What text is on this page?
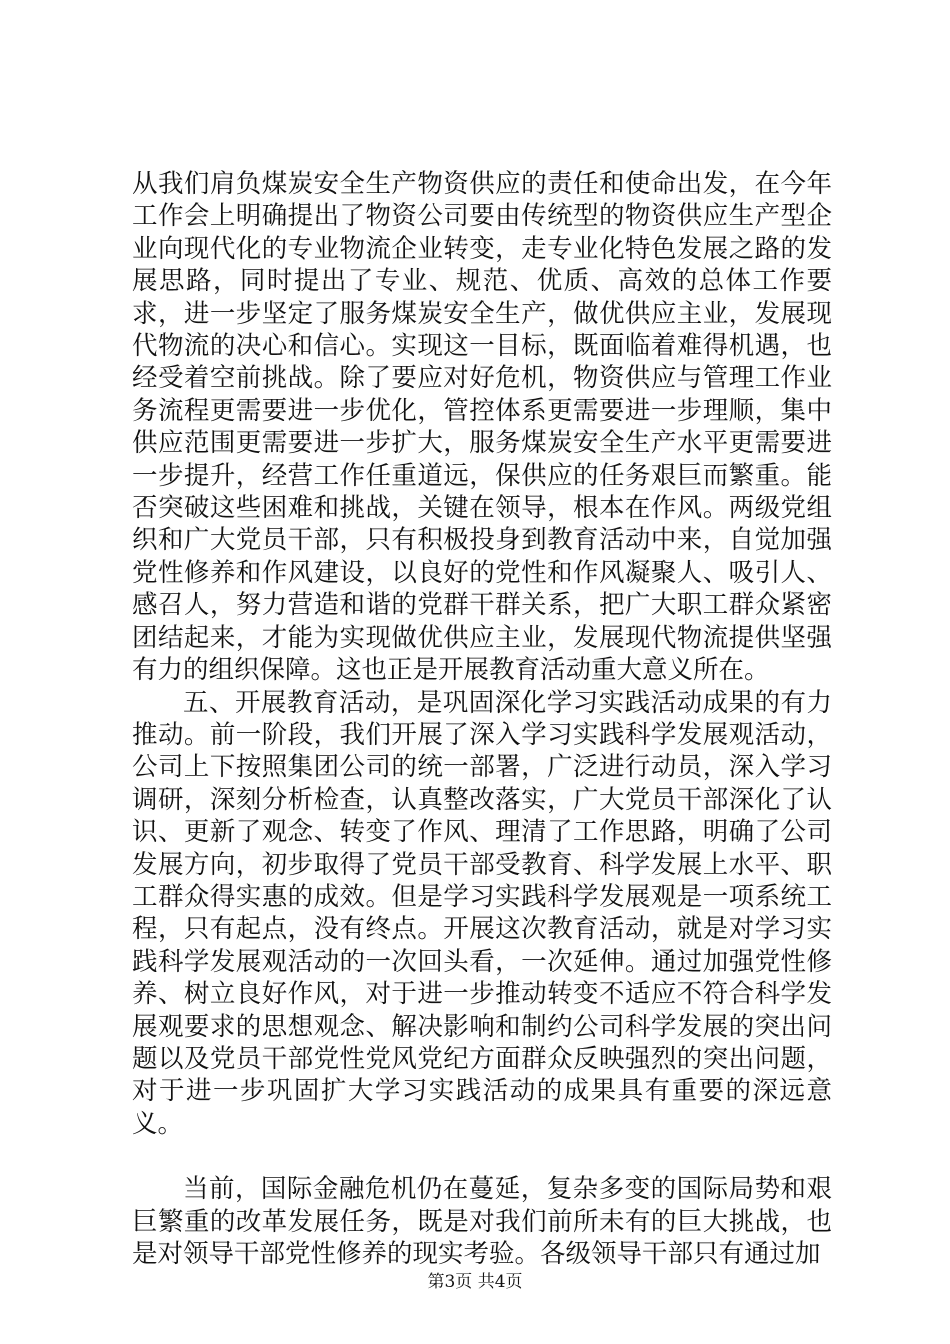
从我们肩负煤炭安全生产物资供应的责任和使命出发，在今年工作会上明确提出了物资公司要由传统型的物资供应生产型企业向现代化的专业物流企业转变，走专业化特色发展之路的发展思路，同时提出了专业、规范、优质、高效的总体工作要求，进一步坚定了服务煤炭安全生产，做优供应主业，发展现代物流的决心和信心。实现这一目标，既面临着难得机遇，也经受着空前挑战。除了要应对好危机，物资供应与管理工作业务流程更需要进一步优化，管控体系更需要进一步理顺，集中供应范围更需要进一步扩大，服务煤炭安全生产水平更需要进一步提升，经营工作任重道远，保供应的任务艰巨而繁重。能否突破这些困难和挑战，关键在领导，根本在作风。两级党组织和广大党员干部，只有积极投身到教育活动中来，自觉加强党性修养和作风建设，以良好的党性和作风凝聚人、吸引人、感召人，努力营造和谐的党群干群关系，把广大职工群众紧密团结起来，才能为实现做优供应主业，发展现代物流提供坚强有力的组织保障。这也正是开展教育活动重大意义所在。

五、开展教育活动，是巩固深化学习实践活动成果的有力推动。前一阶段，我们开展了深入学习实践科学发展观活动，公司上下按照集团公司的统一部署，广泛进行动员，深入学习调研，深刻分析检查，认真整改落实，广大党员干部深化了认识、更新了观念、转变了作风、理清了工作思路，明确了公司发展方向，初步取得了党员干部受教育、科学发展上水平、职工群众得实惠的成效。但是学习实践科学发展观是一项系统工程，只有起点，没有终点。开展这次教育活动，就是对学习实践科学发展观活动的一次回头看，一次延伸。通过加强党性修养、树立良好作风，对于进一步推动转变不适应不符合科学发展观要求的思想观念、解决影响和制约公司科学发展的突出问题以及党员干部党性党风党纪方面群众反映强烈的突出问题，对于进一步巩固扩大学习实践活动的成果具有重要的深远意义。

当前，国际金融危机仍在蔓延，复杂多变的国际局势和艰巨繁重的改革发展任务，既是对我们前所未有的巨大挑战，也是对领导干部党性修养的现实考验。各级领导干部只有通过加

第3页 共4页
